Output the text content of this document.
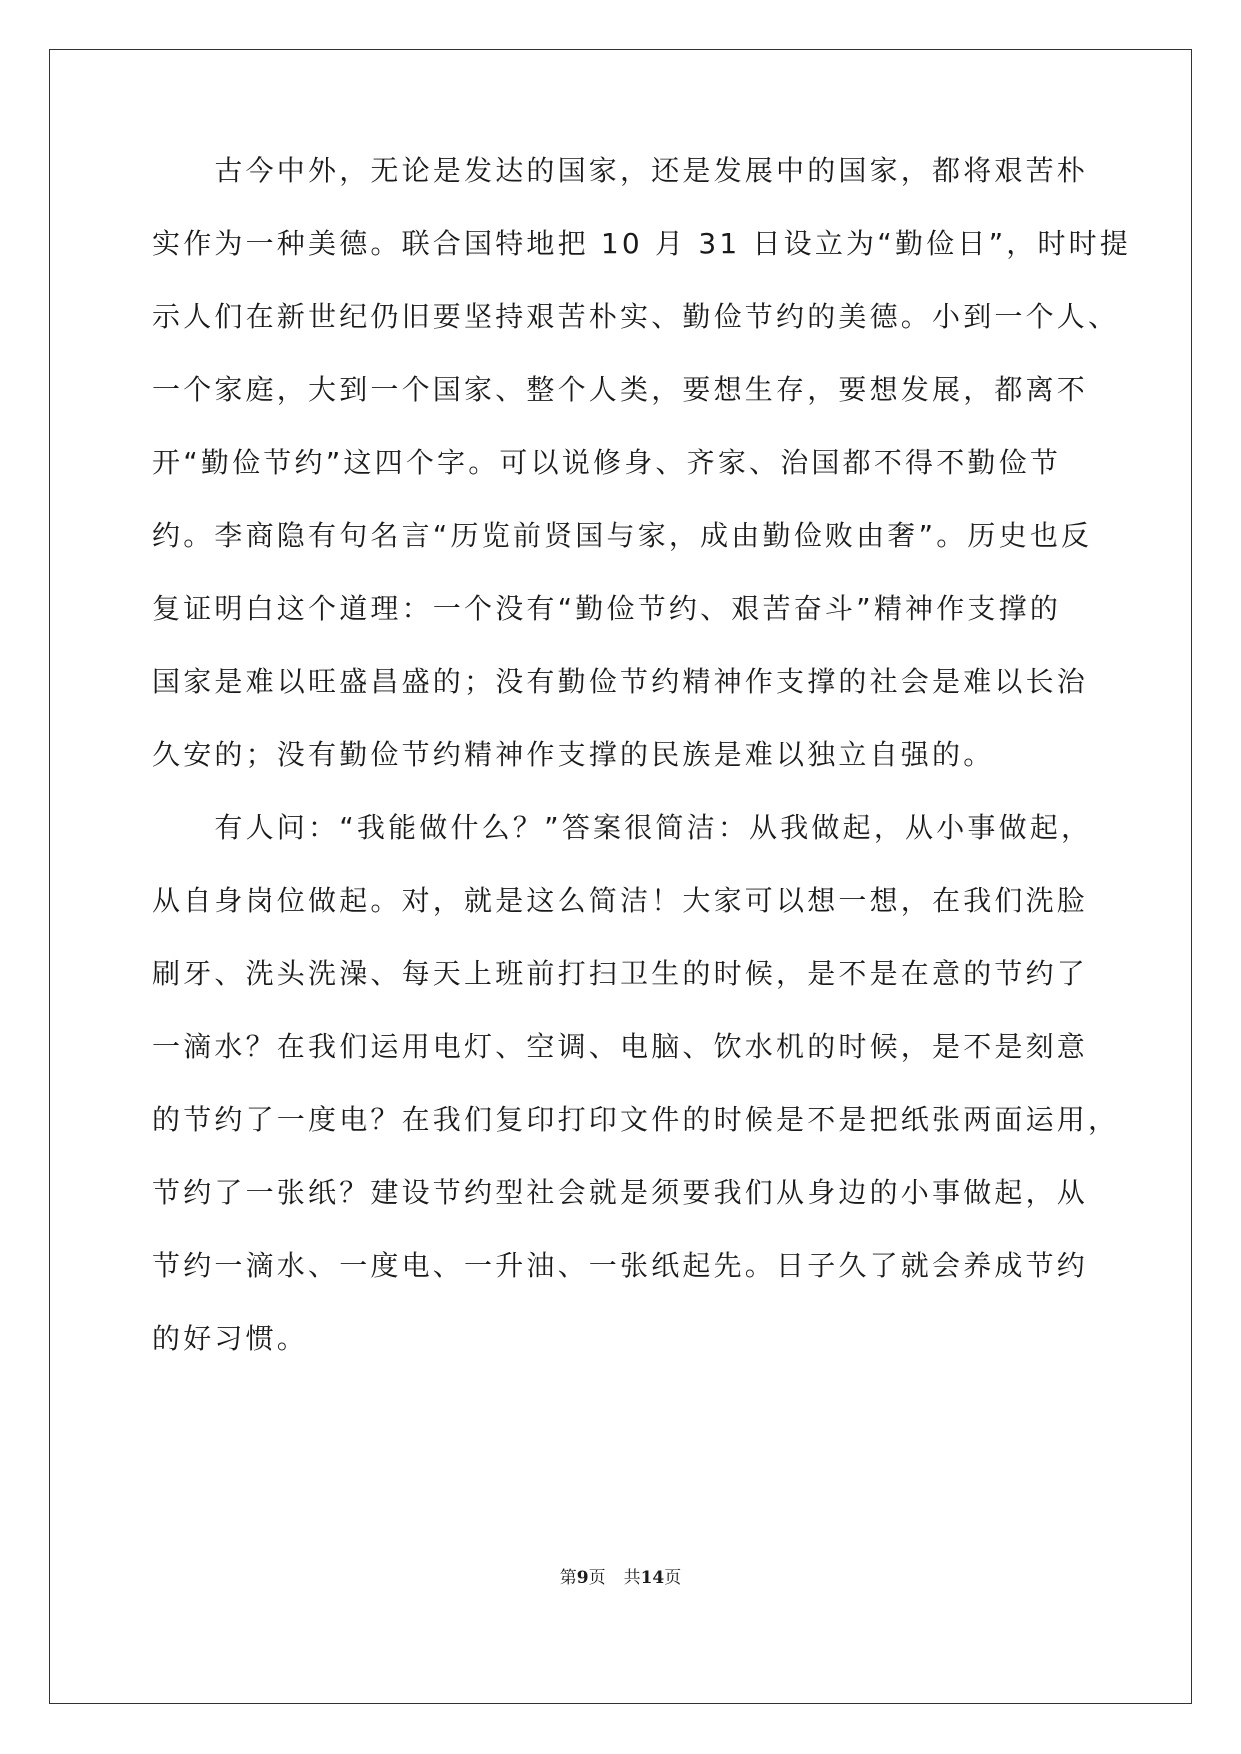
　　古今中外，无论是发达的国家，还是发展中的国家，都将艰苦朴
实作为一种美德。联合国特地把 10 月 31 日设立为“勤俭日”，时时提
示人们在新世纪仍旧要坚持艰苦朴实、勤俭节约的美德。小到一个人、
一个家庭，大到一个国家、整个人类，要想生存，要想发展，都离不
开“勤俭节约”这四个字。可以说修身、齐家、治国都不得不勤俭节
约。李商隐有句名言“历览前贤国与家，成由勤俭败由奢”。历史也反
复证明白这个道理：一个没有“勤俭节约、艰苦奋斗”精神作支撑的
国家是难以旺盛昌盛的；没有勤俭节约精神作支撑的社会是难以长治
久安的；没有勤俭节约精神作支撑的民族是难以独立自强的。
　　有人问：“我能做什么？”答案很简洁：从我做起，从小事做起，
从自身岗位做起。对，就是这么简洁！大家可以想一想，在我们洗脸
刷牙、洗头洗澡、每天上班前打扫卫生的时候，是不是在意的节约了
一滴水？在我们运用电灯、空调、电脑、饮水机的时候，是不是刻意
的节约了一度电？在我们复印打印文件的时候是不是把纸张两面运用，
节约了一张纸？建设节约型社会就是须要我们从身边的小事做起，从
节约一滴水、一度电、一升油、一张纸起先。日子久了就会养成节约
的好习惯。
第9页 共14页
